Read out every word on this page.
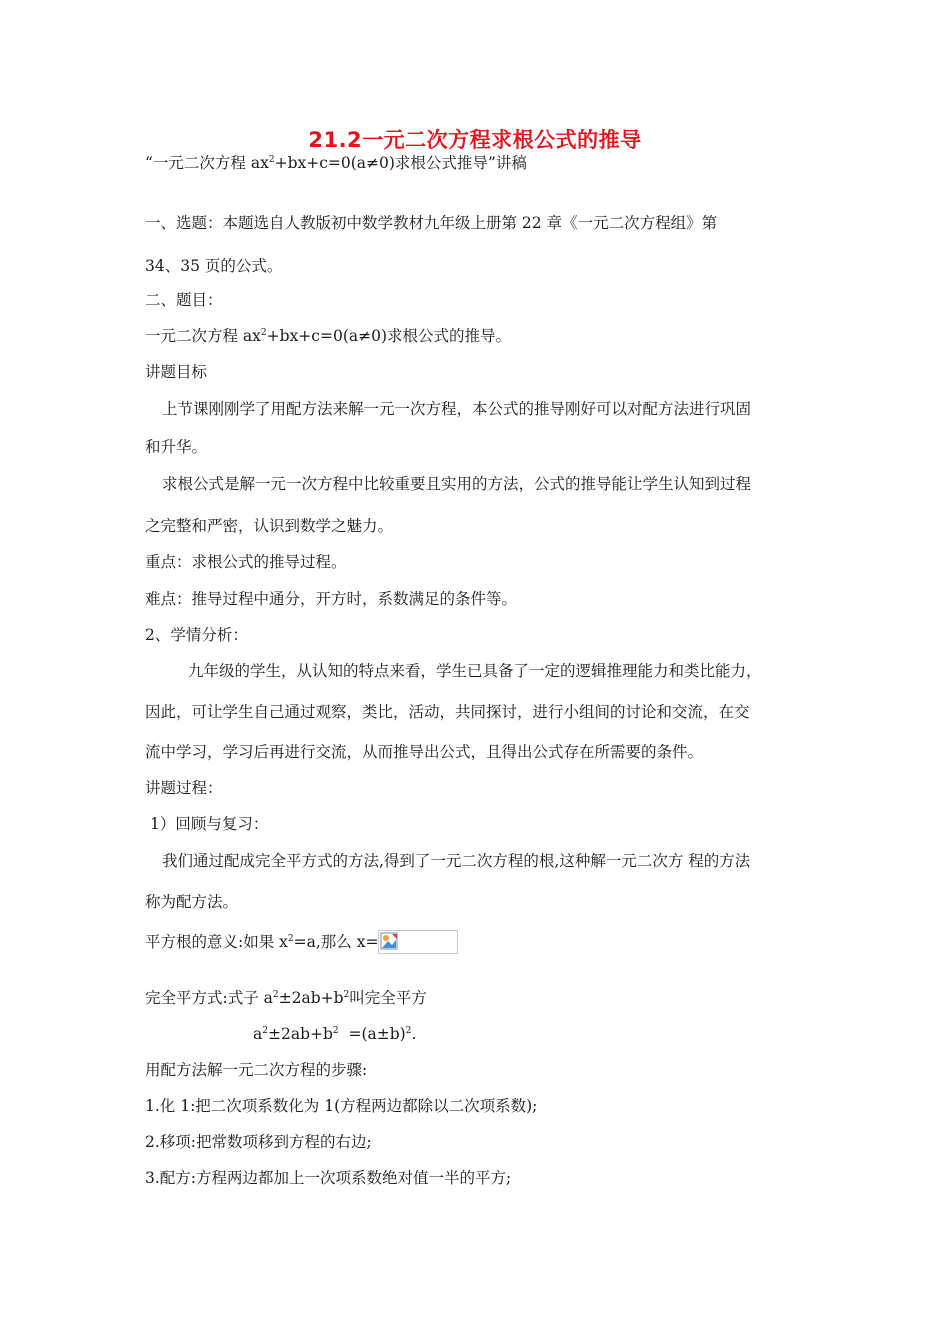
21.2一元二次方程求根公式的推导
“一元二次方程 $ax^2+bx+c=0(a\ne 0)$求根公式推导”讲稿
一、选题：本题选自人教版初中数学教材九年级上册第 22 章《一元二次方程组》第
34、35 页的公式。
二、题目：
一元二次方程 $ax^2+bx+c=0(a\ne 0)$求根公式的推导。
讲题目标
上节课刚刚学了用配方法来解一元一次方程，本公式的推导刚好可以对配方法进行巩固
和升华。
求根公式是解一元一次方程中比较重要且实用的方法，公式的推导能让学生认知到过程
之完整和严密，认识到数学之魅力。
重点：求根公式的推导过程。
难点：推导过程中通分，开方时，系数满足的条件等。
2、学情分析：
九年级的学生，从认知的特点来看，学生已具备了一定的逻辑推理能力和类比能力，
因此，可让学生自己通过观察，类比，活动，共同探讨，进行小组间的讨论和交流，在交
流中学习，学习后再进行交流，从而推导出公式，且得出公式存在所需要的条件。
讲题过程：
1）回顾与复习：
我们通过配成完全平方式的方法,得到了一元二次方程的根,这种解一元二次方 程的方法
称为配方法。
平方根的意义:如果 $x^2=a$,那么 x=
完全平方式:式子 $a^2\pm 2ab+b^2$叫完全平方
$a^2\pm 2ab+b^2 =(a\pm b)^2$.
用配方法解一元二次方程的步骤:
1.化 1:把二次项系数化为 1(方程两边都除以二次项系数);
2.移项:把常数项移到方程的右边;
3.配方:方程两边都加上一次项系数绝对值一半的平方;
